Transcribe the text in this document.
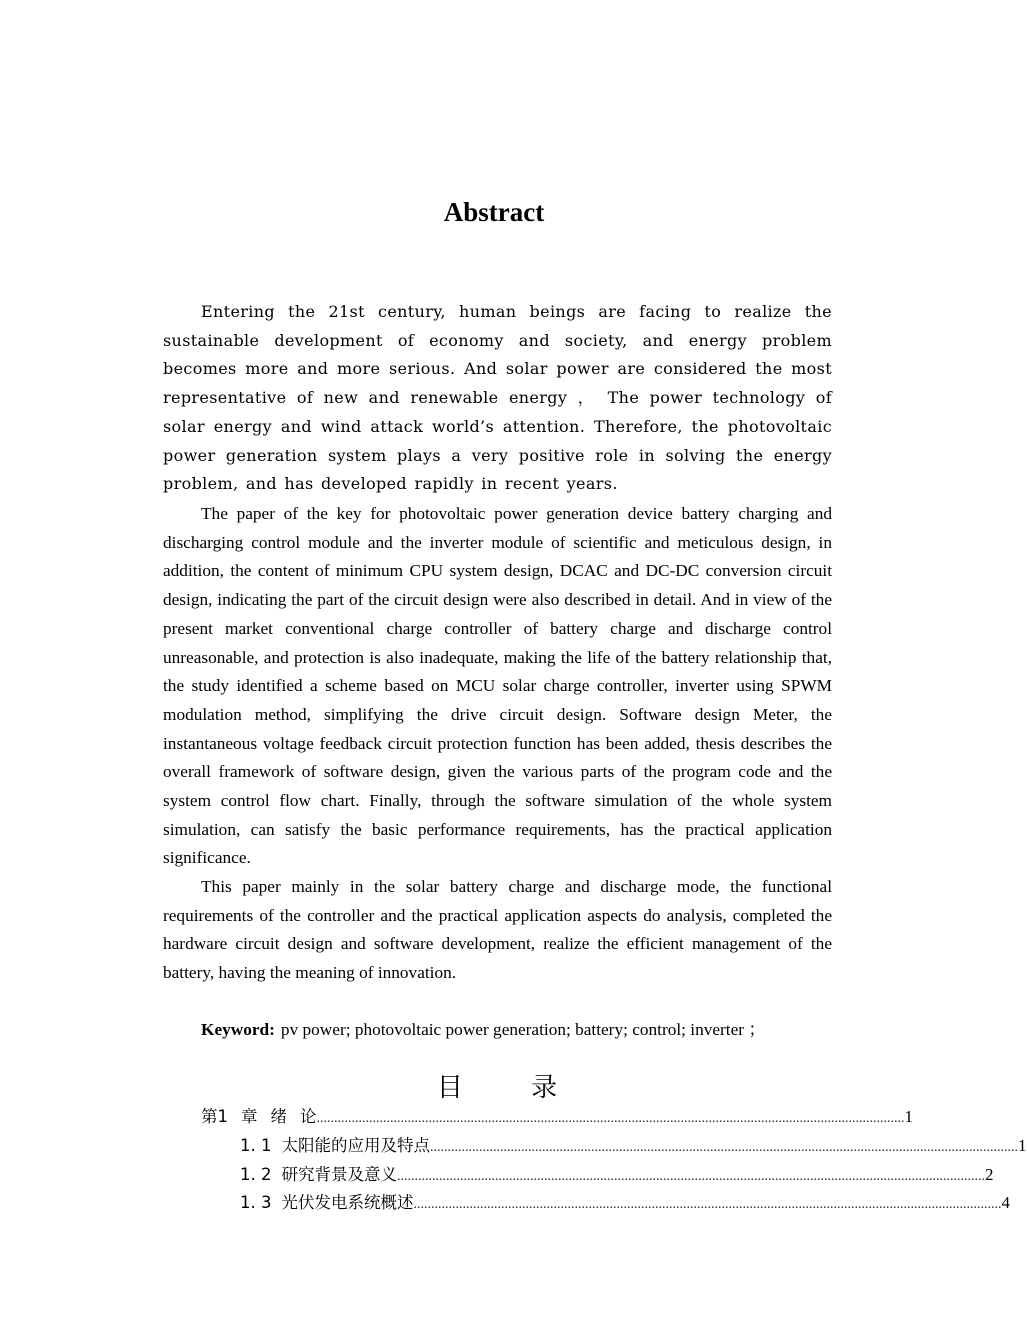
Abstract

Entering the 21st century, human beings are facing to realize the sustainable development of economy and society, and energy problem becomes more and more serious. And solar power are considered the most representative of new and renewable energy ， The power technology of solar energy and wind attack world’s attention. Therefore, the photovoltaic power generation system plays a very positive role in solving the energy problem, and has developed rapidly in recent years.

The paper of the key for photovoltaic power generation device battery charging and discharging control module and the inverter module of scientific and meticulous design, in addition, the content of minimum CPU system design, DCAC and DC-DC conversion circuit design, indicating the part of the circuit design were also described in detail. And in view of the present market conventional charge controller of battery charge and discharge control unreasonable, and protection is also inadequate, making the life of the battery relationship that, the study identified a scheme based on MCU solar charge controller, inverter using SPWM modulation method, simplifying the drive circuit design. Software design Meter, the instantaneous voltage feedback circuit protection function has been added, thesis describes the overall framework of software design, given the various parts of the program code and the system control flow chart. Finally, through the software simulation of the whole system simulation, can satisfy the basic performance requirements, has the practical application significance.

This paper mainly in the solar battery charge and discharge mode, the functional requirements of the controller and the practical application aspects do analysis, completed the hardware circuit design and software development, realize the efficient management of the battery, having the meaning of innovation.

Keyword: pv power; photovoltaic power generation; battery; control; inverter ；
目 录
第1 章 绪 论 ........................................................................................................................................................................ 1
1. 1 太阳能的应用及特点 ........................................................................................................................................................................ 1
1. 2 研究背景及意义 ........................................................................................................................................................................ 2
1. 3 光伏发电系统概述 ........................................................................................................................................................................ 4
